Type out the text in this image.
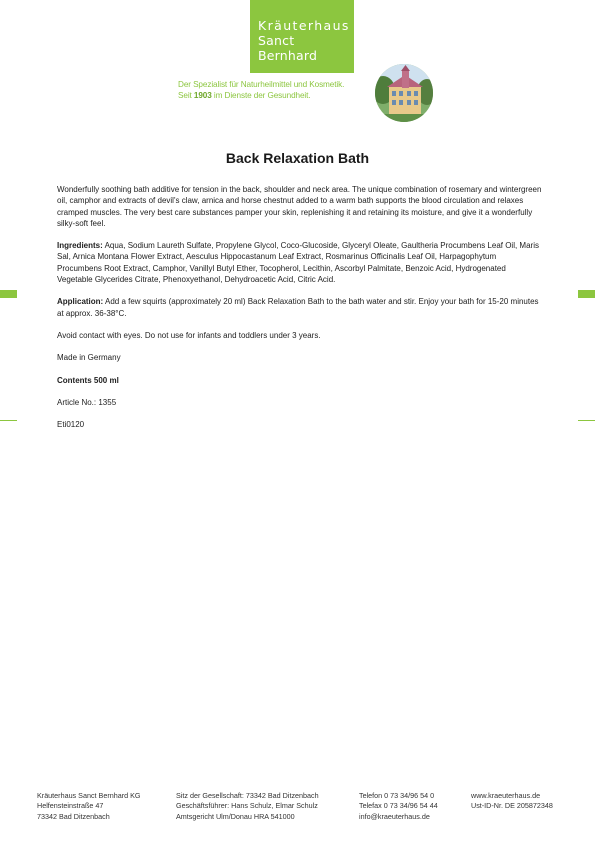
Kräuterhaus
Sanct Bernhard
Der Spezialist für Naturheilmittel und Kosmetik.
Seit 1903 im Dienste der Gesundheit.
Back Relaxation Bath

Wonderfully soothing bath additive for tension in the back, shoulder and neck area. The unique combination of rosemary and wintergreen oil, camphor and extracts of devil's claw, arnica and horse chestnut added to a warm bath supports the blood circulation and relaxes cramped muscles. The very best care substances pamper your skin, replenishing it and retaining its moisture, and give it a wonderfully silky-soft feel.

Ingredients: Aqua, Sodium Laureth Sulfate, Propylene Glycol, Coco-Glucoside, Glyceryl Oleate, Gaultheria Procumbens Leaf Oil, Maris Sal, Arnica Montana Flower Extract, Aesculus Hippocastanum Leaf Extract, Rosmarinus Officinalis Leaf Oil, Harpagophytum Procumbens Root Extract, Camphor, Vanillyl Butyl Ether, Tocopherol, Lecithin, Ascorbyl Palmitate, Benzoic Acid, Hydrogenated Vegetable Glycerides Citrate, Phenoxyethanol, Dehydroacetic Acid, Citric Acid.

Application: Add a few squirts (approximately 20 ml) Back Relaxation Bath to the bath water and stir. Enjoy your bath for 15-20 minutes at approx. 36-38°C.

Avoid contact with eyes. Do not use for infants and toddlers under 3 years.

Made in Germany

Contents 500 ml

Article No.: 1355

Eti0120

Kräuterhaus Sanct Bernhard KG
Helfensteinstraße 47
73342 Bad Ditzenbach
Sitz der Gesellschaft: 73342 Bad Ditzenbach
Geschäftsführer: Hans Schulz, Elmar Schulz
Amtsgericht Ulm/Donau HRA 541000
Telefon 0 73 34/96 54 0
Telefax 0 73 34/96 54 44
info@kraeuterhaus.de
www.kraeuterhaus.de
Ust-ID-Nr. DE 205872348
